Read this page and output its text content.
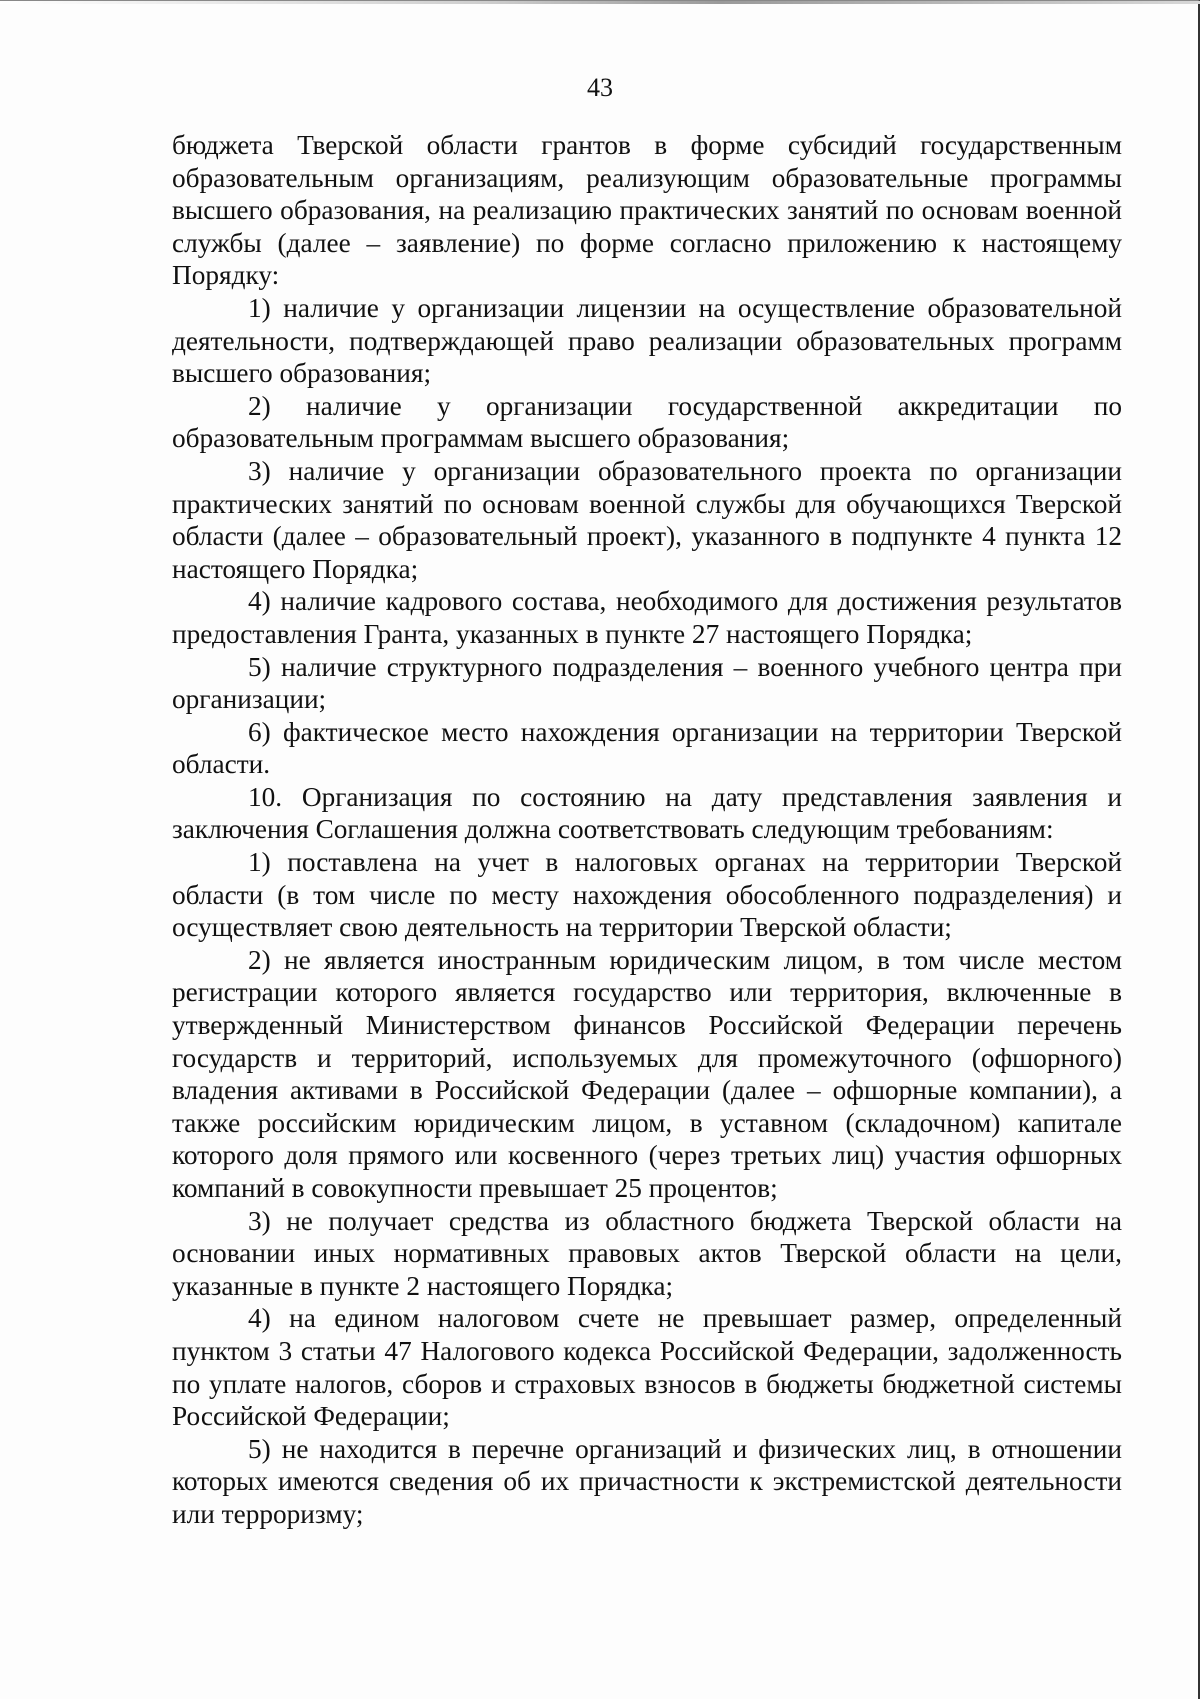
43

бюджета Тверской области грантов в форме субсидий государственным образовательным организациям, реализующим образовательные программы высшего образования, на реализацию практических занятий по основам военной службы (далее – заявление) по форме согласно приложению к настоящему Порядку:

1) наличие у организации лицензии на осуществление образовательной деятельности, подтверждающей право реализации образовательных программ высшего образования;

2) наличие у организации государственной аккредитации по образовательным программам высшего образования;

3) наличие у организации образовательного проекта по организации практических занятий по основам военной службы для обучающихся Тверской области (далее – образовательный проект), указанного в подпункте 4 пункта 12 настоящего Порядка;

4) наличие кадрового состава, необходимого для достижения результатов предоставления Гранта, указанных в пункте 27 настоящего Порядка;

5) наличие структурного подразделения – военного учебного центра при организации;

6) фактическое место нахождения организации на территории Тверской области.

10. Организация по состоянию на дату представления заявления и заключения Соглашения должна соответствовать следующим требованиям:

1) поставлена на учет в налоговых органах на территории Тверской области (в том числе по месту нахождения обособленного подразделения) и осуществляет свою деятельность на территории Тверской области;

2) не является иностранным юридическим лицом, в том числе местом регистрации которого является государство или территория, включенные в утвержденный Министерством финансов Российской Федерации перечень государств и территорий, используемых для промежуточного (офшорного) владения активами в Российской Федерации (далее – офшорные компании), а также российским юридическим лицом, в уставном (складочном) капитале которого доля прямого или косвенного (через третьих лиц) участия офшорных компаний в совокупности превышает 25 процентов;

3) не получает средства из областного бюджета Тверской области на основании иных нормативных правовых актов Тверской области на цели, указанные в пункте 2 настоящего Порядка;

4) на едином налоговом счете не превышает размер, определенный пунктом 3 статьи 47 Налогового кодекса Российской Федерации, задолженность по уплате налогов, сборов и страховых взносов в бюджеты бюджетной системы Российской Федерации;

5) не находится в перечне организаций и физических лиц, в отношении которых имеются сведения об их причастности к экстремистской деятельности или терроризму;
